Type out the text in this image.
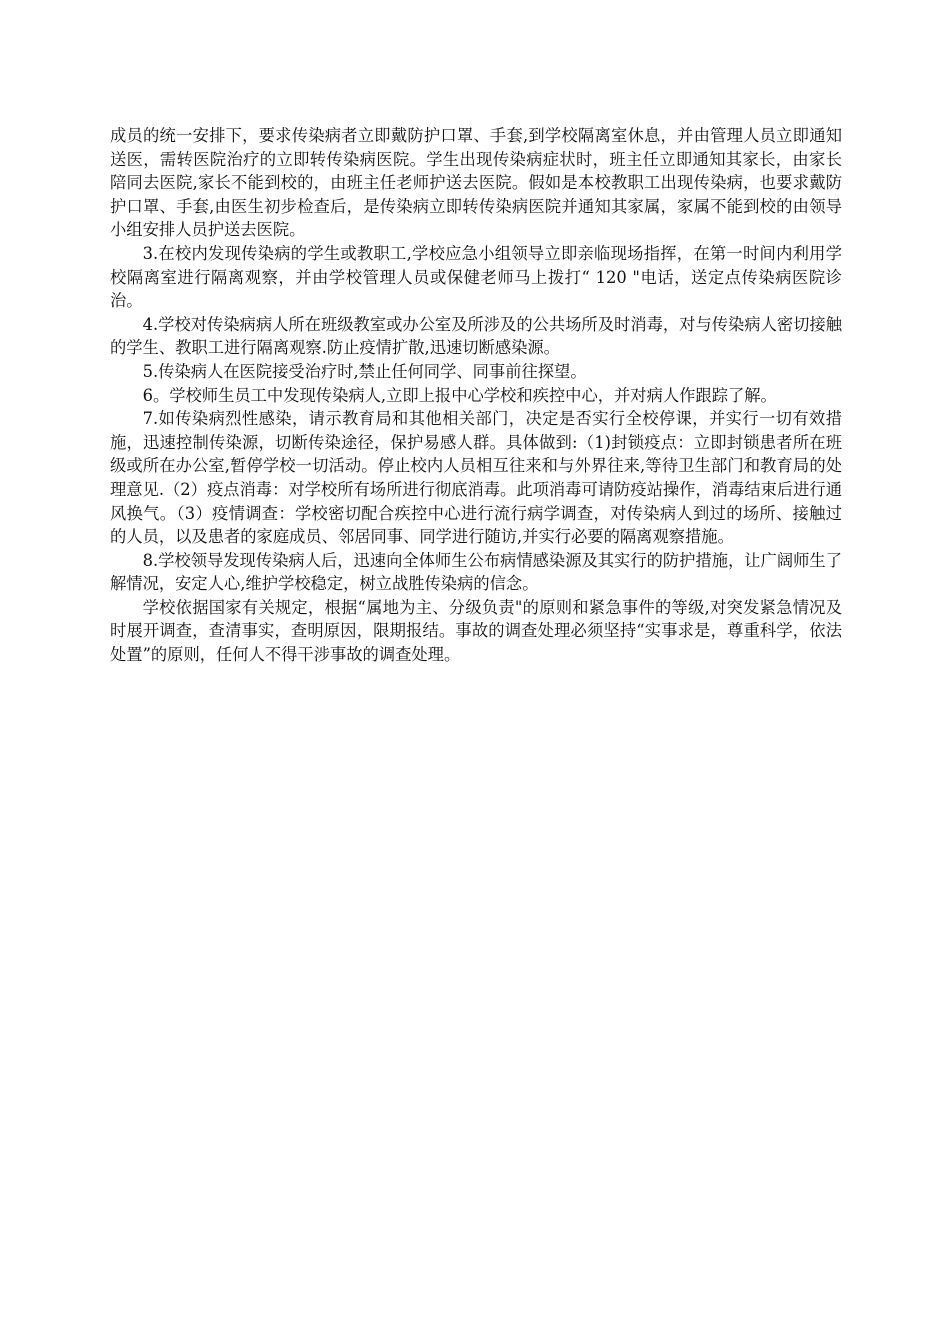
成员的统一安排下，要求传染病者立即戴防护口罩、手套,到学校隔离室休息，并由管理人员立即通知送医，需转医院治疗的立即转传染病医院。学生出现传染病症状时，班主任立即通知其家长，由家长陪同去医院,家长不能到校的，由班主任老师护送去医院。假如是本校教职工出现传染病，也要求戴防护口罩、手套,由医生初步检查后，是传染病立即转传染病医院并通知其家属，家属不能到校的由领导小组安排人员护送去医院。

3.在校内发现传染病的学生或教职工,学校应急小组领导立即亲临现场指挥，在第一时间内利用学校隔离室进行隔离观察，并由学校管理人员或保健老师马上拨打“ 120 "电话，送定点传染病医院诊治。

4.学校对传染病病人所在班级教室或办公室及所涉及的公共场所及时消毒，对与传染病人密切接触的学生、教职工进行隔离观察.防止疫情扩散,迅速切断感染源。

5.传染病人在医院接受治疗时,禁止任何同学、同事前往探望。

6。学校师生员工中发现传染病人,立即上报中心学校和疾控中心，并对病人作跟踪了解。

7.如传染病烈性感染，请示教育局和其他相关部门，决定是否实行全校停课，并实行一切有效措施，迅速控制传染源，切断传染途径，保护易感人群。具体做到:（1)封锁疫点：立即封锁患者所在班级或所在办公室,暂停学校一切活动。停止校内人员相互往来和与外界往来,等待卫生部门和教育局的处理意见.（2）疫点消毒：对学校所有场所进行彻底消毒。此项消毒可请防疫站操作，消毒结束后进行通风换气。（3）疫情调查：学校密切配合疾控中心进行流行病学调查，对传染病人到过的场所、接触过的人员，以及患者的家庭成员、邻居同事、同学进行随访,并实行必要的隔离观察措施。

8.学校领导发现传染病人后，迅速向全体师生公布病情感染源及其实行的防护措施，让广阔师生了解情况，安定人心,维护学校稳定，树立战胜传染病的信念。

学校依据国家有关规定，根据“属地为主、分级负责"的原则和紧急事件的等级,对突发紧急情况及时展开调查，查清事实，查明原因，限期报结。事故的调查处理必须坚持“实事求是，尊重科学，依法处置”的原则，任何人不得干涉事故的调查处理。
